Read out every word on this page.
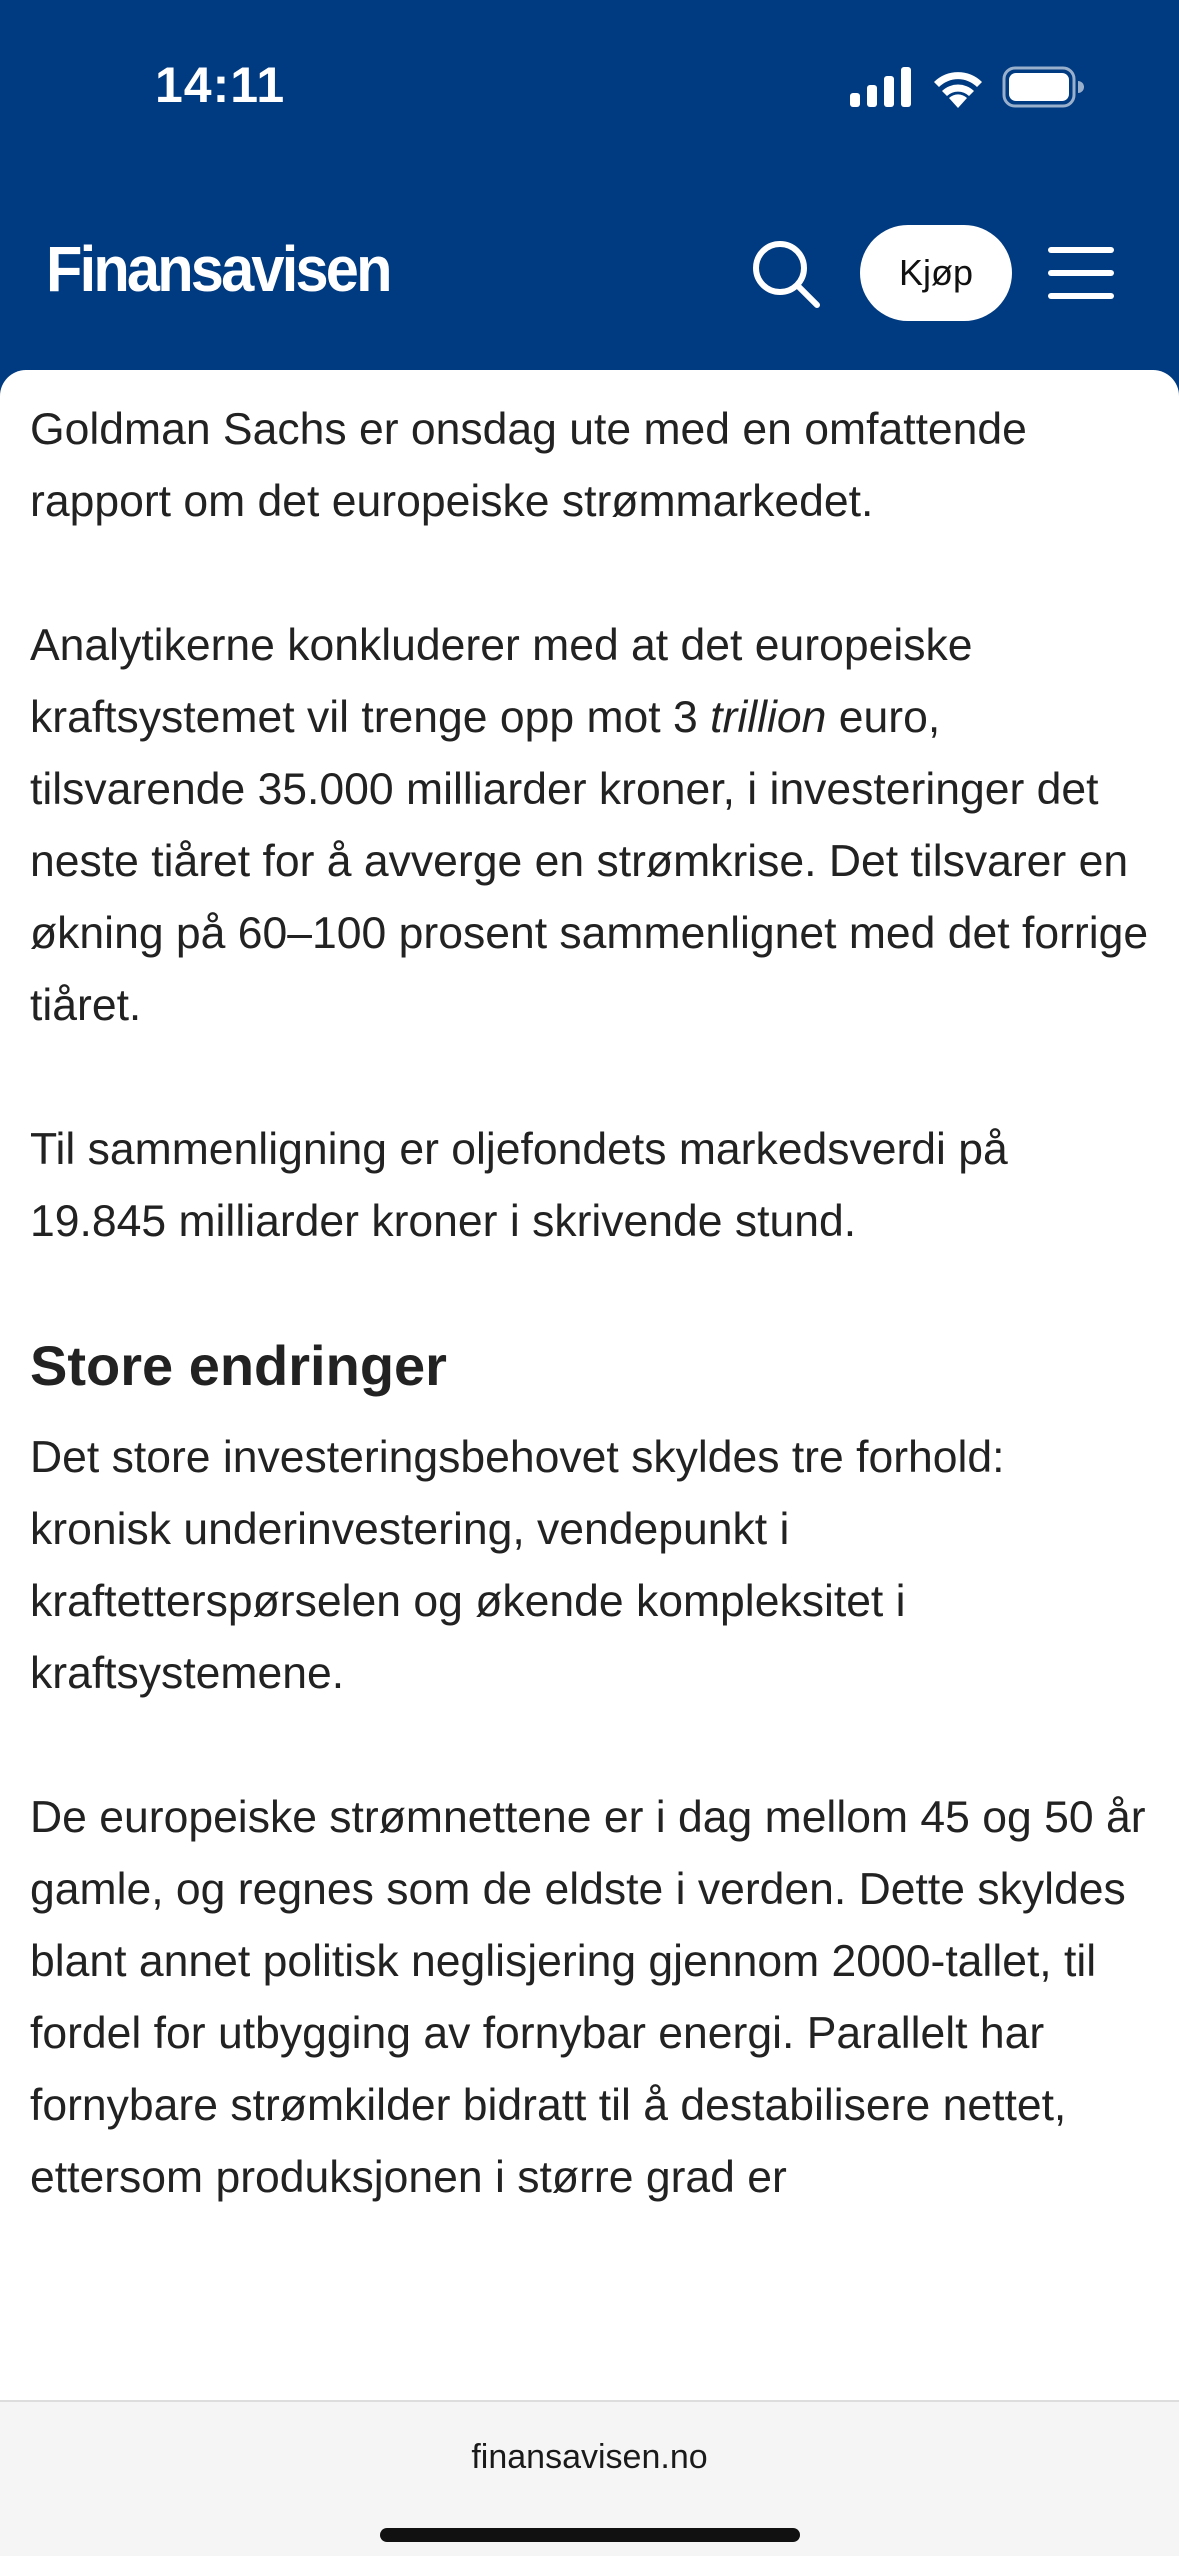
14:11
Finansavisen	Kjøp

Goldman Sachs er onsdag ute med en omfattende rapport om det europeiske strømmarkedet.

Analytikerne konkluderer med at det europeiske kraftsystemet vil trenge opp mot 3 trillion euro, tilsvarende 35.000 milliarder kroner, i investeringer det neste tiåret for å avverge en strømkrise. Det tilsvarer en økning på 60–100 prosent sammenlignet med det forrige tiåret.

Til sammenligning er oljefondets markedsverdi på 19.845 milliarder kroner i skrivende stund.

Store endringer

Det store investeringsbehovet skyldes tre forhold: kronisk underinvestering, vendepunkt i kraftetterspørselen og økende kompleksitet i kraftsystemene.

De europeiske strømnettene er i dag mellom 45 og 50 år gamle, og regnes som de eldste i verden. Dette skyldes blant annet politisk neglisjering gjennom 2000-tallet, til fordel for utbygging av fornybar energi. Parallelt har fornybare strømkilder bidratt til å destabilisere nettet, ettersom produksjonen i større grad er

finansavisen.no
